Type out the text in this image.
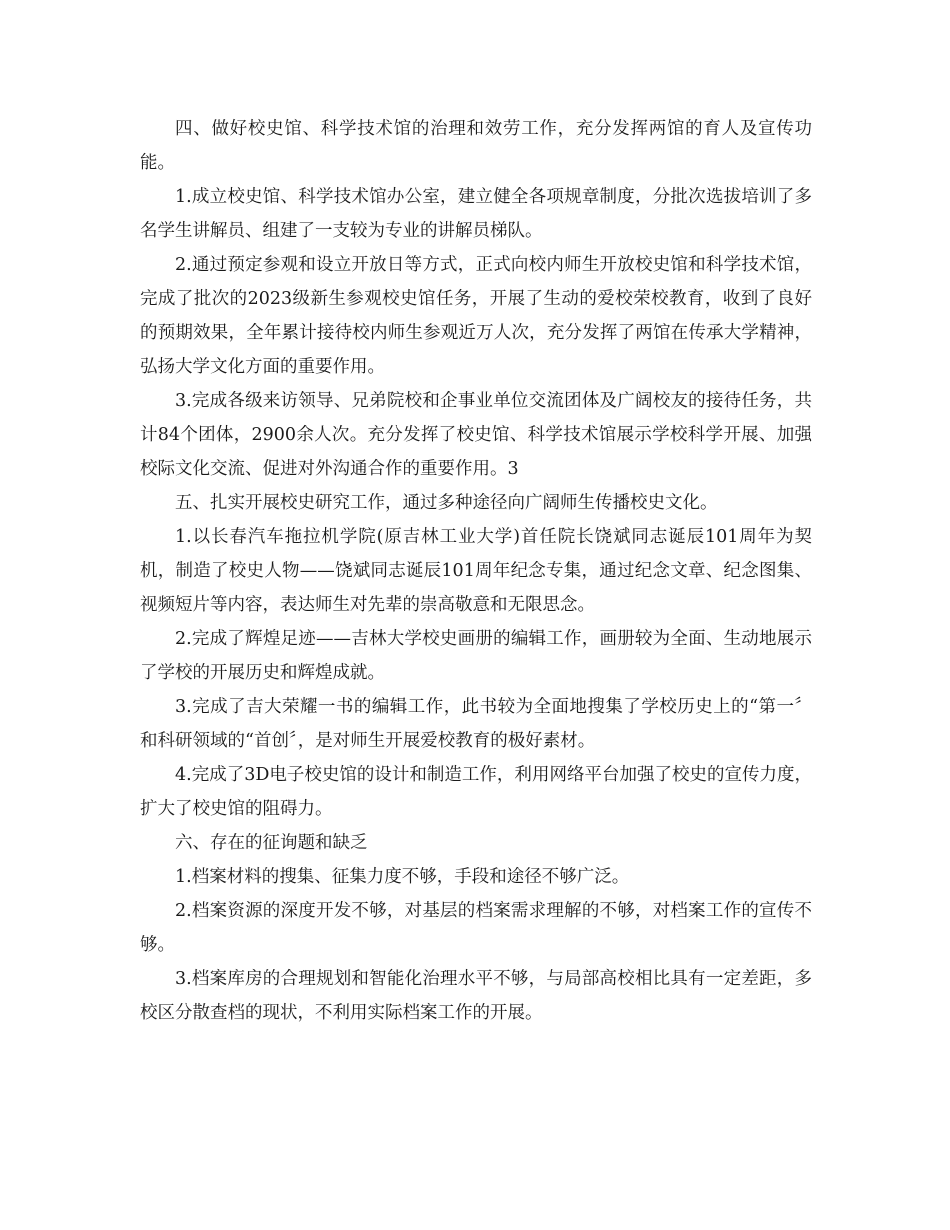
四、做好校史馆、科学技术馆的治理和效劳工作，充分发挥两馆的育人及宣传功能。

1.成立校史馆、科学技术馆办公室，建立健全各项规章制度，分批次选拔培训了多名学生讲解员、组建了一支较为专业的讲解员梯队。

2.通过预定参观和设立开放日等方式，正式向校内师生开放校史馆和科学技术馆，完成了批次的2023级新生参观校史馆任务，开展了生动的爱校荣校教育，收到了良好的预期效果，全年累计接待校内师生参观近万人次，充分发挥了两馆在传承大学精神，弘扬大学文化方面的重要作用。

3.完成各级来访领导、兄弟院校和企事业单位交流团体及广阔校友的接待任务，共计84个团体，2900余人次。充分发挥了校史馆、科学技术馆展示学校科学开展、加强校际文化交流、促进对外沟通合作的重要作用。3

五、扎实开展校史研究工作，通过多种途径向广阔师生传播校史文化。

1.以长春汽车拖拉机学院(原吉林工业大学)首任院长饶斌同志诞辰101周年为契机，制造了校史人物——饶斌同志诞辰101周年纪念专集，通过纪念文章、纪念图集、视频短片等内容，表达师生对先辈的崇高敬意和无限思念。

2.完成了辉煌足迹——吉林大学校史画册的编辑工作，画册较为全面、生动地展示了学校的开展历史和辉煌成就。

3.完成了吉大荣耀一书的编辑工作，此书较为全面地搜集了学校历史上的“第一〞和科研领域的“首创〞，是对师生开展爱校教育的极好素材。

4.完成了3D电子校史馆的设计和制造工作，利用网络平台加强了校史的宣传力度，扩大了校史馆的阻碍力。

六、存在的征询题和缺乏

1.档案材料的搜集、征集力度不够，手段和途径不够广泛。

2.档案资源的深度开发不够，对基层的档案需求理解的不够，对档案工作的宣传不够。

3.档案库房的合理规划和智能化治理水平不够，与局部高校相比具有一定差距，多校区分散查档的现状，不利用实际档案工作的开展。
